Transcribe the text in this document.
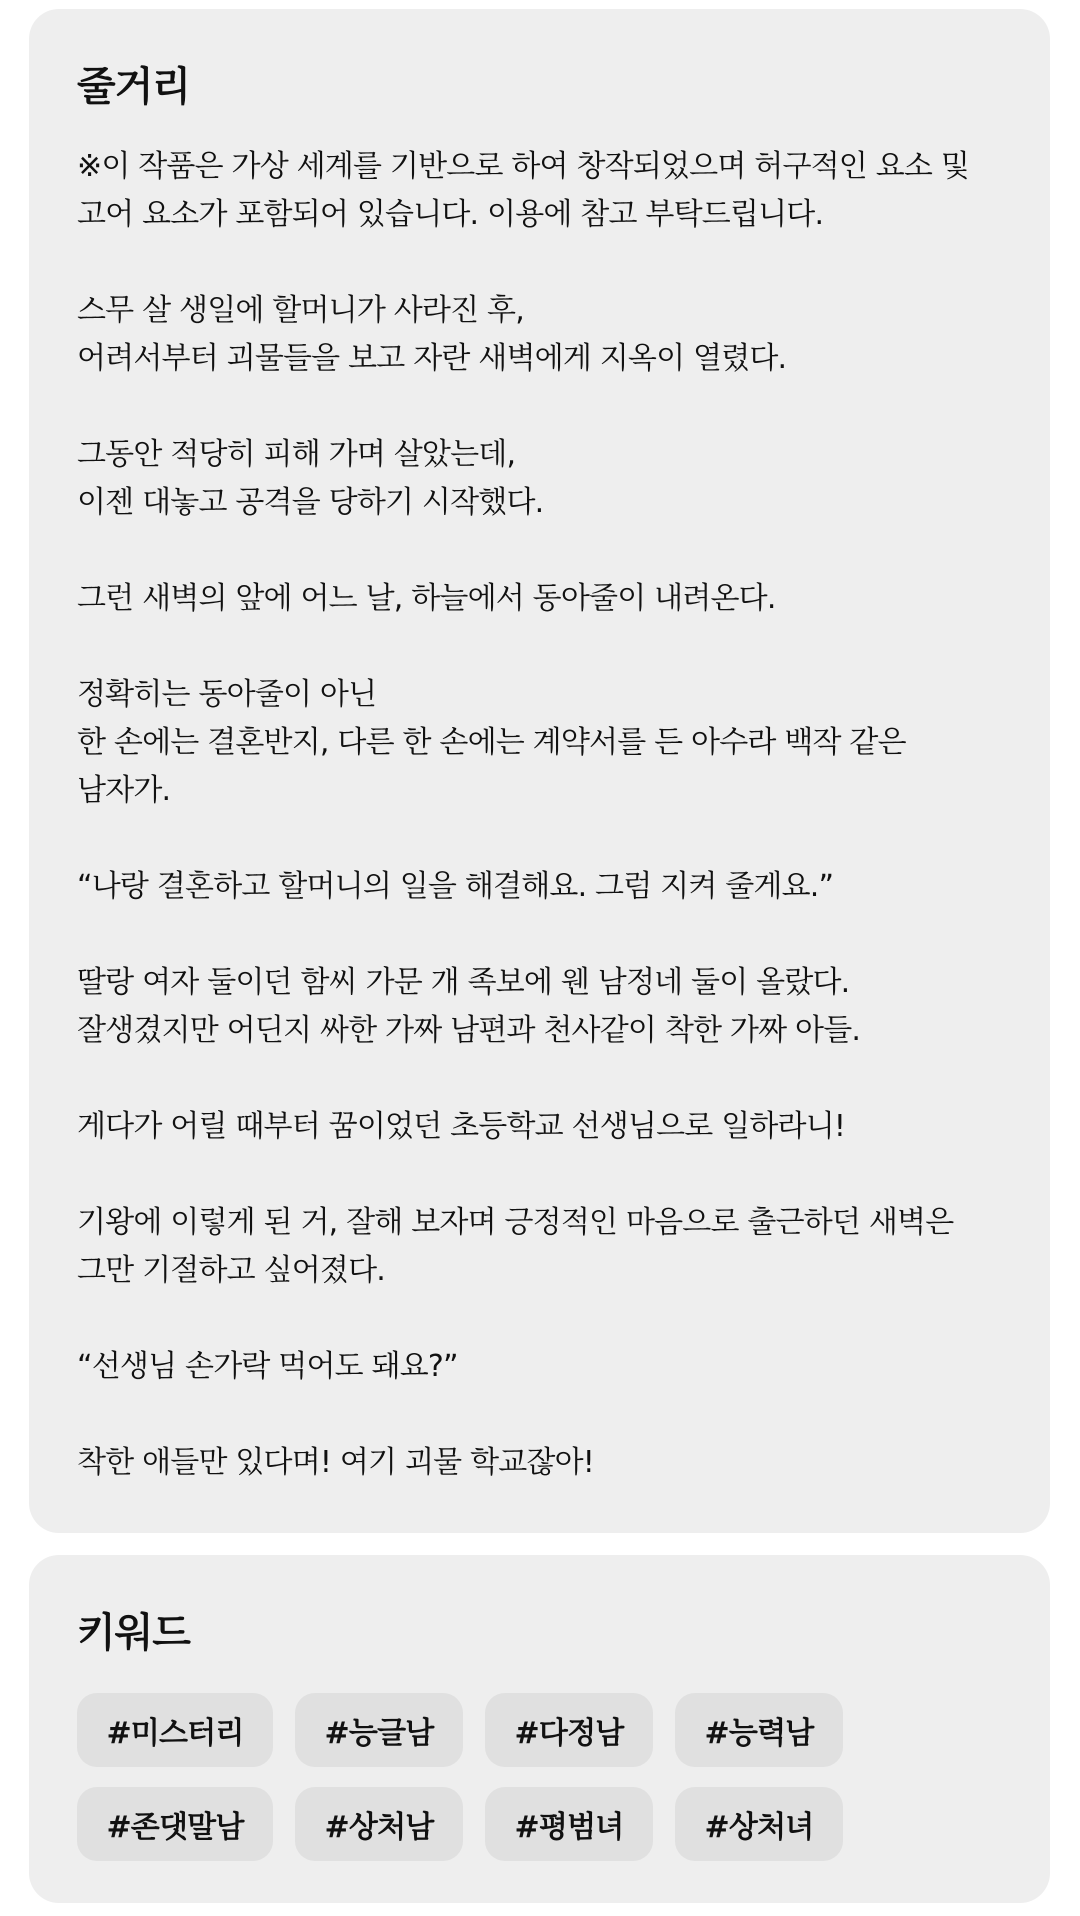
줄거리

※이 작품은 가상 세계를 기반으로 하여 창작되었으며 허구적인 요소 및
고어 요소가 포함되어 있습니다. 이용에 참고 부탁드립니다.

스무 살 생일에 할머니가 사라진 후,
어려서부터 괴물들을 보고 자란 새벽에게 지옥이 열렸다.

그동안 적당히 피해 가며 살았는데,
이젠 대놓고 공격을 당하기 시작했다.

그런 새벽의 앞에 어느 날, 하늘에서 동아줄이 내려온다.

정확히는 동아줄이 아닌
한 손에는 결혼반지, 다른 한 손에는 계약서를 든 아수라 백작 같은
남자가.

“나랑 결혼하고 할머니의 일을 해결해요. 그럼 지켜 줄게요.”

딸랑 여자 둘이던 함씨 가문 개 족보에 웬 남정네 둘이 올랐다.
잘생겼지만 어딘지 싸한 가짜 남편과 천사같이 착한 가짜 아들.

게다가 어릴 때부터 꿈이었던 초등학교 선생님으로 일하라니!

기왕에 이렇게 된 거, 잘해 보자며 긍정적인 마음으로 출근하던 새벽은
그만 기절하고 싶어졌다.

“선생님 손가락 먹어도 돼요?”

착한 애들만 있다며! 여기 괴물 학교잖아!

키워드
#미스터리	#능글남	#다정남	#능력남
#존댓말남	#상처남	#평범녀	#상처녀
